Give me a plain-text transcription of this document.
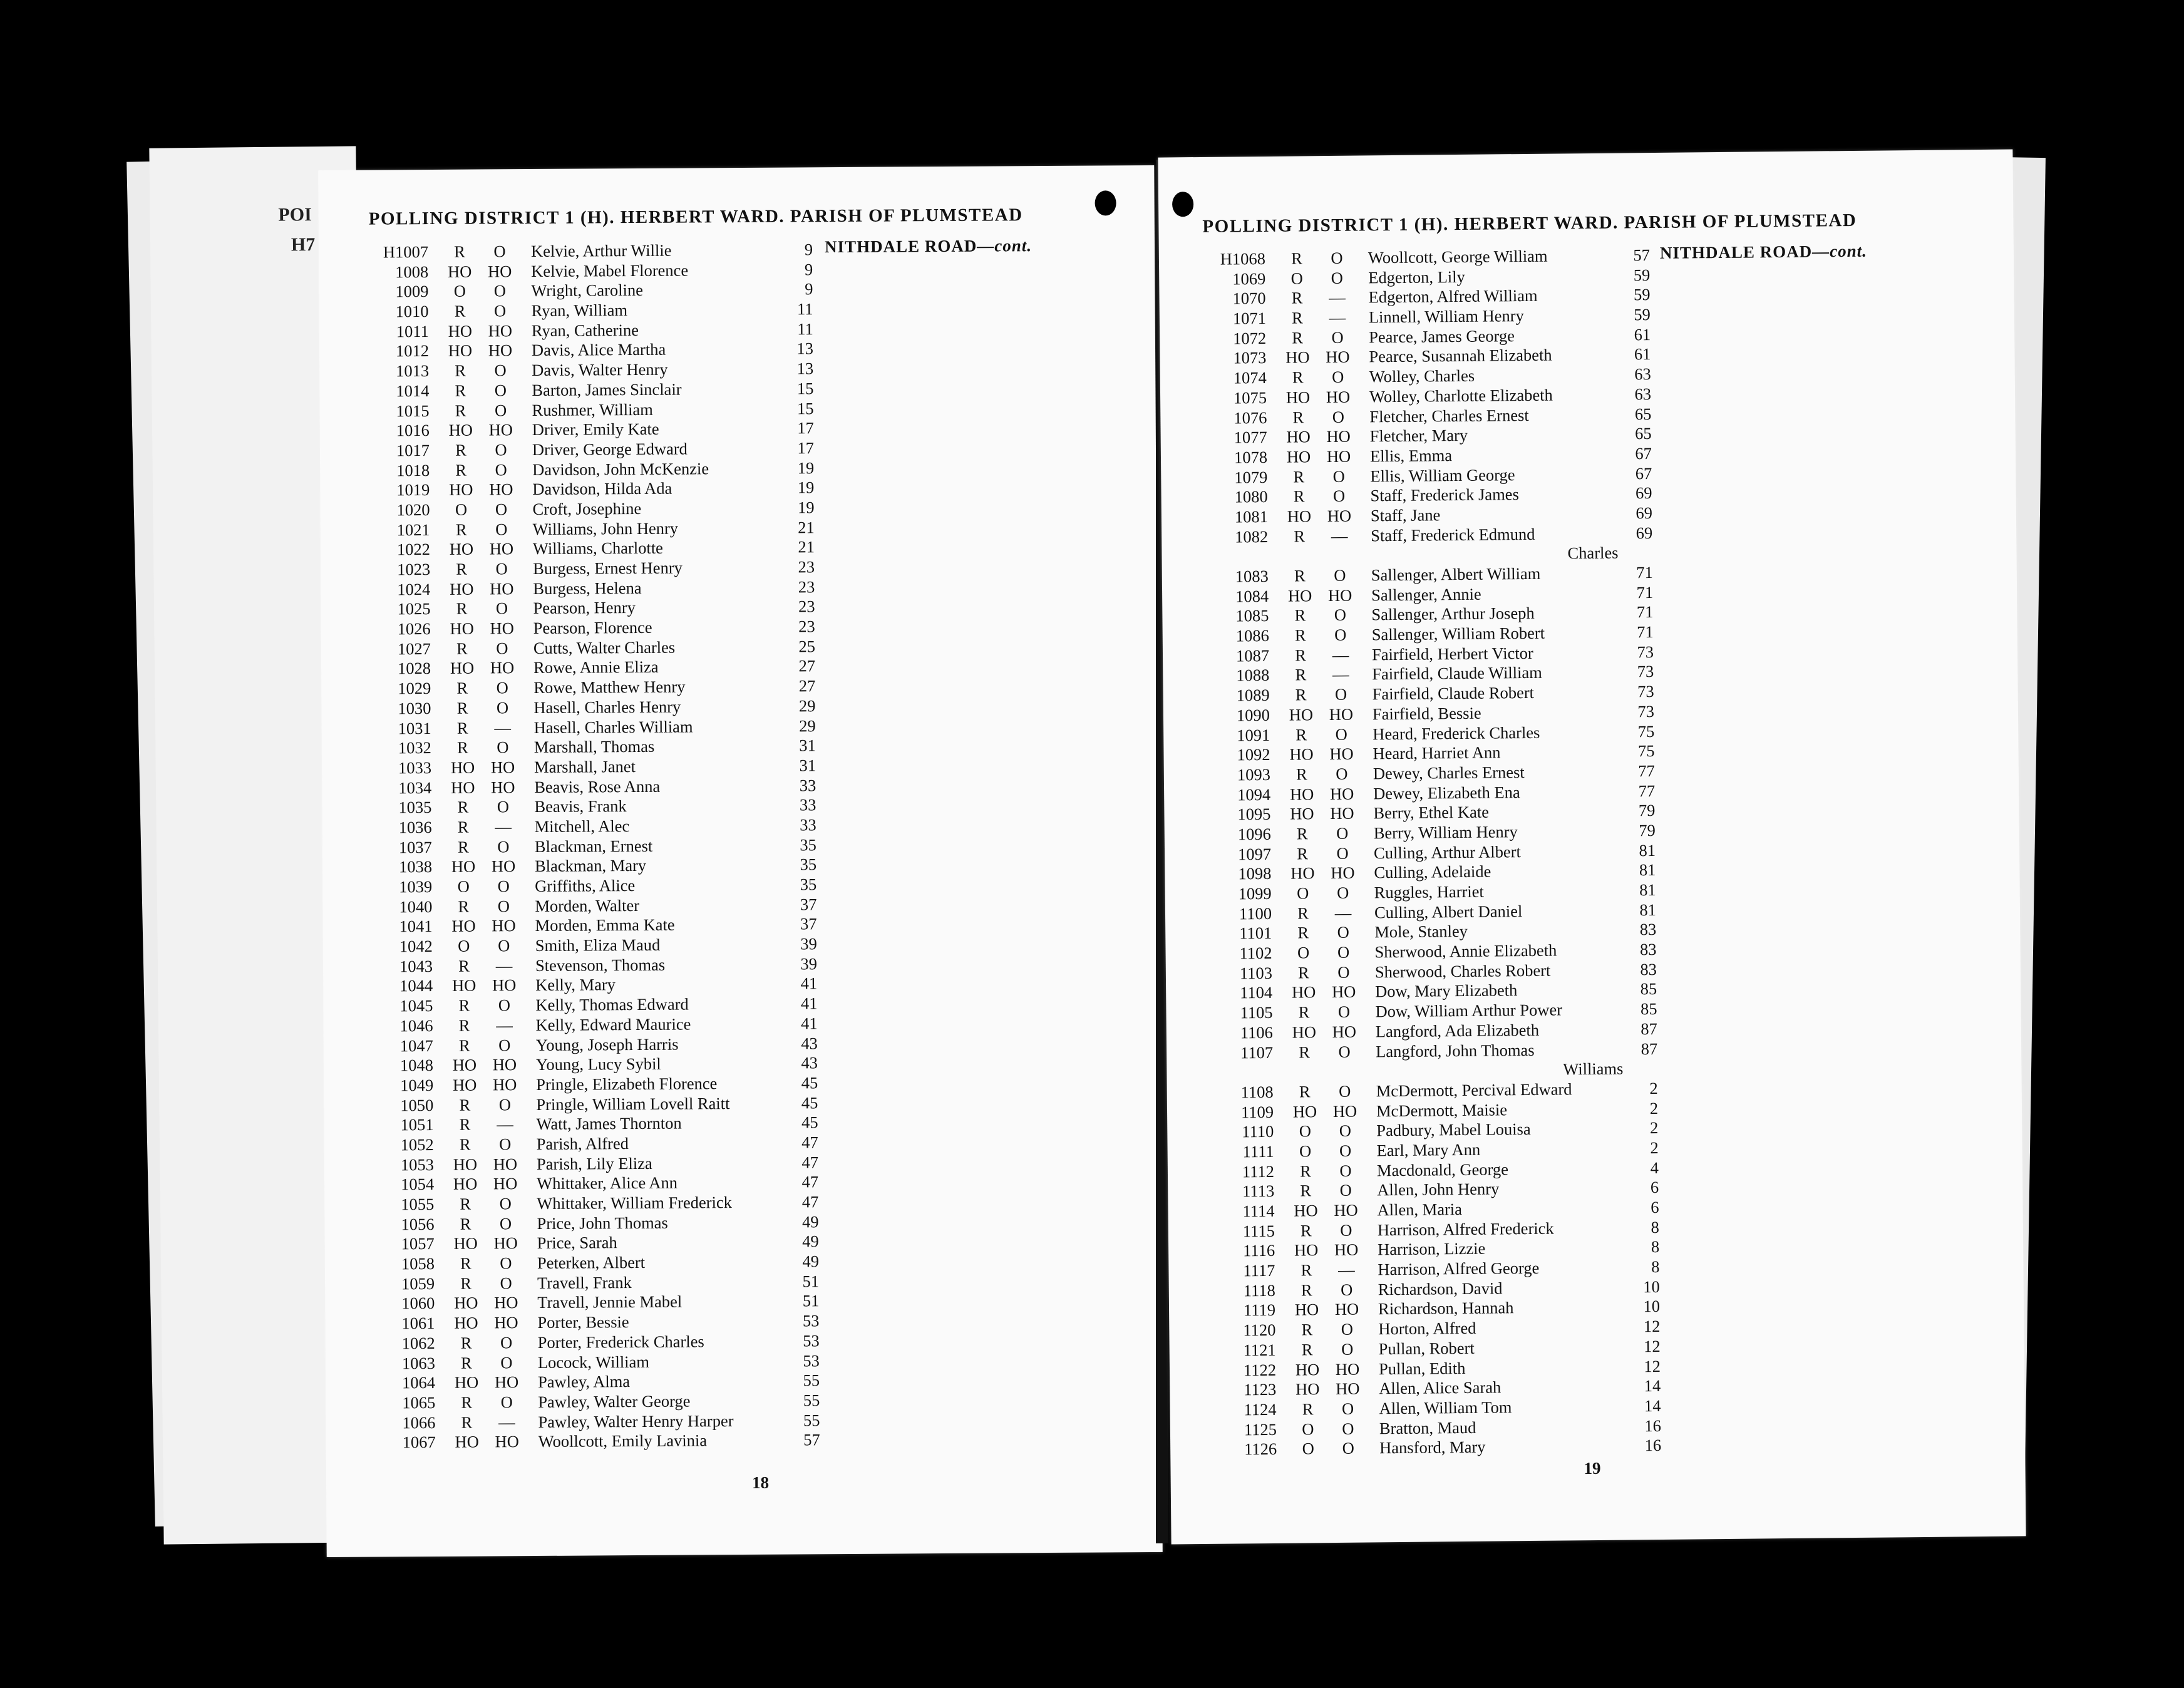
POI
H7
POLLING DISTRICT 1 (H). HERBERT WARD. PARISH OF PLUMSTEAD
NITHDALE ROAD—cont.
H1007	R	O	Kelvie, Arthur Willie	9
1008	HO	HO	Kelvie, Mabel Florence	9
1009	O	O	Wright, Caroline	9
1010	R	O	Ryan, William	11
1011	HO	HO	Ryan, Catherine	11
1012	HO	HO	Davis, Alice Martha	13
1013	R	O	Davis, Walter Henry	13
1014	R	O	Barton, James Sinclair	15
1015	R	O	Rushmer, William	15
1016	HO	HO	Driver, Emily Kate	17
1017	R	O	Driver, George Edward	17
1018	R	O	Davidson, John McKenzie	19
1019	HO	HO	Davidson, Hilda Ada	19
1020	O	O	Croft, Josephine	19
1021	R	O	Williams, John Henry	21
1022	HO	HO	Williams, Charlotte	21
1023	R	O	Burgess, Ernest Henry	23
1024	HO	HO	Burgess, Helena	23
1025	R	O	Pearson, Henry	23
1026	HO	HO	Pearson, Florence	23
1027	R	O	Cutts, Walter Charles	25
1028	HO	HO	Rowe, Annie Eliza	27
1029	R	O	Rowe, Matthew Henry	27
1030	R	O	Hasell, Charles Henry	29
1031	R	—	Hasell, Charles William	29
1032	R	O	Marshall, Thomas	31
1033	HO	HO	Marshall, Janet	31
1034	HO	HO	Beavis, Rose Anna	33
1035	R	O	Beavis, Frank	33
1036	R	—	Mitchell, Alec	33
1037	R	O	Blackman, Ernest	35
1038	HO	HO	Blackman, Mary	35
1039	O	O	Griffiths, Alice	35
1040	R	O	Morden, Walter	37
1041	HO	HO	Morden, Emma Kate	37
1042	O	O	Smith, Eliza Maud	39
1043	R	—	Stevenson, Thomas	39
1044	HO	HO	Kelly, Mary	41
1045	R	O	Kelly, Thomas Edward	41
1046	R	—	Kelly, Edward Maurice	41
1047	R	O	Young, Joseph Harris	43
1048	HO	HO	Young, Lucy Sybil	43
1049	HO	HO	Pringle, Elizabeth Florence	45
1050	R	O	Pringle, William Lovell Raitt	45
1051	R	—	Watt, James Thornton	45
1052	R	O	Parish, Alfred	47
1053	HO	HO	Parish, Lily Eliza	47
1054	HO	HO	Whittaker, Alice Ann	47
1055	R	O	Whittaker, William Frederick	47
1056	R	O	Price, John Thomas	49
1057	HO	HO	Price, Sarah	49
1058	R	O	Peterken, Albert	49
1059	R	O	Travell, Frank	51
1060	HO	HO	Travell, Jennie Mabel	51
1061	HO	HO	Porter, Bessie	53
1062	R	O	Porter, Frederick Charles	53
1063	R	O	Locock, William	53
1064	HO	HO	Pawley, Alma	55
1065	R	O	Pawley, Walter George	55
1066	R	—	Pawley, Walter Henry Harper	55
1067	HO	HO	Woollcott, Emily Lavinia	57
18
POLLING DISTRICT 1 (H). HERBERT WARD. PARISH OF PLUMSTEAD
NITHDALE ROAD—cont.
H1068	R	O	Woollcott, George William	57
1069	O	O	Edgerton, Lily	59
1070	R	—	Edgerton, Alfred William	59
1071	R	—	Linnell, William Henry	59
1072	R	O	Pearce, James George	61
1073	HO	HO	Pearce, Susannah Elizabeth	61
1074	R	O	Wolley, Charles	63
1075	HO	HO	Wolley, Charlotte Elizabeth	63
1076	R	O	Fletcher, Charles Ernest	65
1077	HO	HO	Fletcher, Mary	65
1078	HO	HO	Ellis, Emma	67
1079	R	O	Ellis, William George	67
1080	R	O	Staff, Frederick James	69
1081	HO	HO	Staff, Jane	69
1082	R	—	Staff, Frederick Edmund	69
			Charles	
1083	R	O	Sallenger, Albert William	71
1084	HO	HO	Sallenger, Annie	71
1085	R	O	Sallenger, Arthur Joseph	71
1086	R	O	Sallenger, William Robert	71
1087	R	—	Fairfield, Herbert Victor	73
1088	R	—	Fairfield, Claude William	73
1089	R	O	Fairfield, Claude Robert	73
1090	HO	HO	Fairfield, Bessie	73
1091	R	O	Heard, Frederick Charles	75
1092	HO	HO	Heard, Harriet Ann	75
1093	R	O	Dewey, Charles Ernest	77
1094	HO	HO	Dewey, Elizabeth Ena	77
1095	HO	HO	Berry, Ethel Kate	79
1096	R	O	Berry, William Henry	79
1097	R	O	Culling, Arthur Albert	81
1098	HO	HO	Culling, Adelaide	81
1099	O	O	Ruggles, Harriet	81
1100	R	—	Culling, Albert Daniel	81
1101	R	O	Mole, Stanley	83
1102	O	O	Sherwood, Annie Elizabeth	83
1103	R	O	Sherwood, Charles Robert	83
1104	HO	HO	Dow, Mary Elizabeth	85
1105	R	O	Dow, William Arthur Power	85
1106	HO	HO	Langford, Ada Elizabeth	87
1107	R	O	Langford, John Thomas	87
			Williams	
1108	R	O	McDermott, Percival Edward	2
1109	HO	HO	McDermott, Maisie	2
1110	O	O	Padbury, Mabel Louisa	2
1111	O	O	Earl, Mary Ann	2
1112	R	O	Macdonald, George	4
1113	R	O	Allen, John Henry	6
1114	HO	HO	Allen, Maria	6
1115	R	O	Harrison, Alfred Frederick	8
1116	HO	HO	Harrison, Lizzie	8
1117	R	—	Harrison, Alfred George	8
1118	R	O	Richardson, David	10
1119	HO	HO	Richardson, Hannah	10
1120	R	O	Horton, Alfred	12
1121	R	O	Pullan, Robert	12
1122	HO	HO	Pullan, Edith	12
1123	HO	HO	Allen, Alice Sarah	14
1124	R	O	Allen, William Tom	14
1125	O	O	Bratton, Maud	16
1126	O	O	Hansford, Mary	16
19
